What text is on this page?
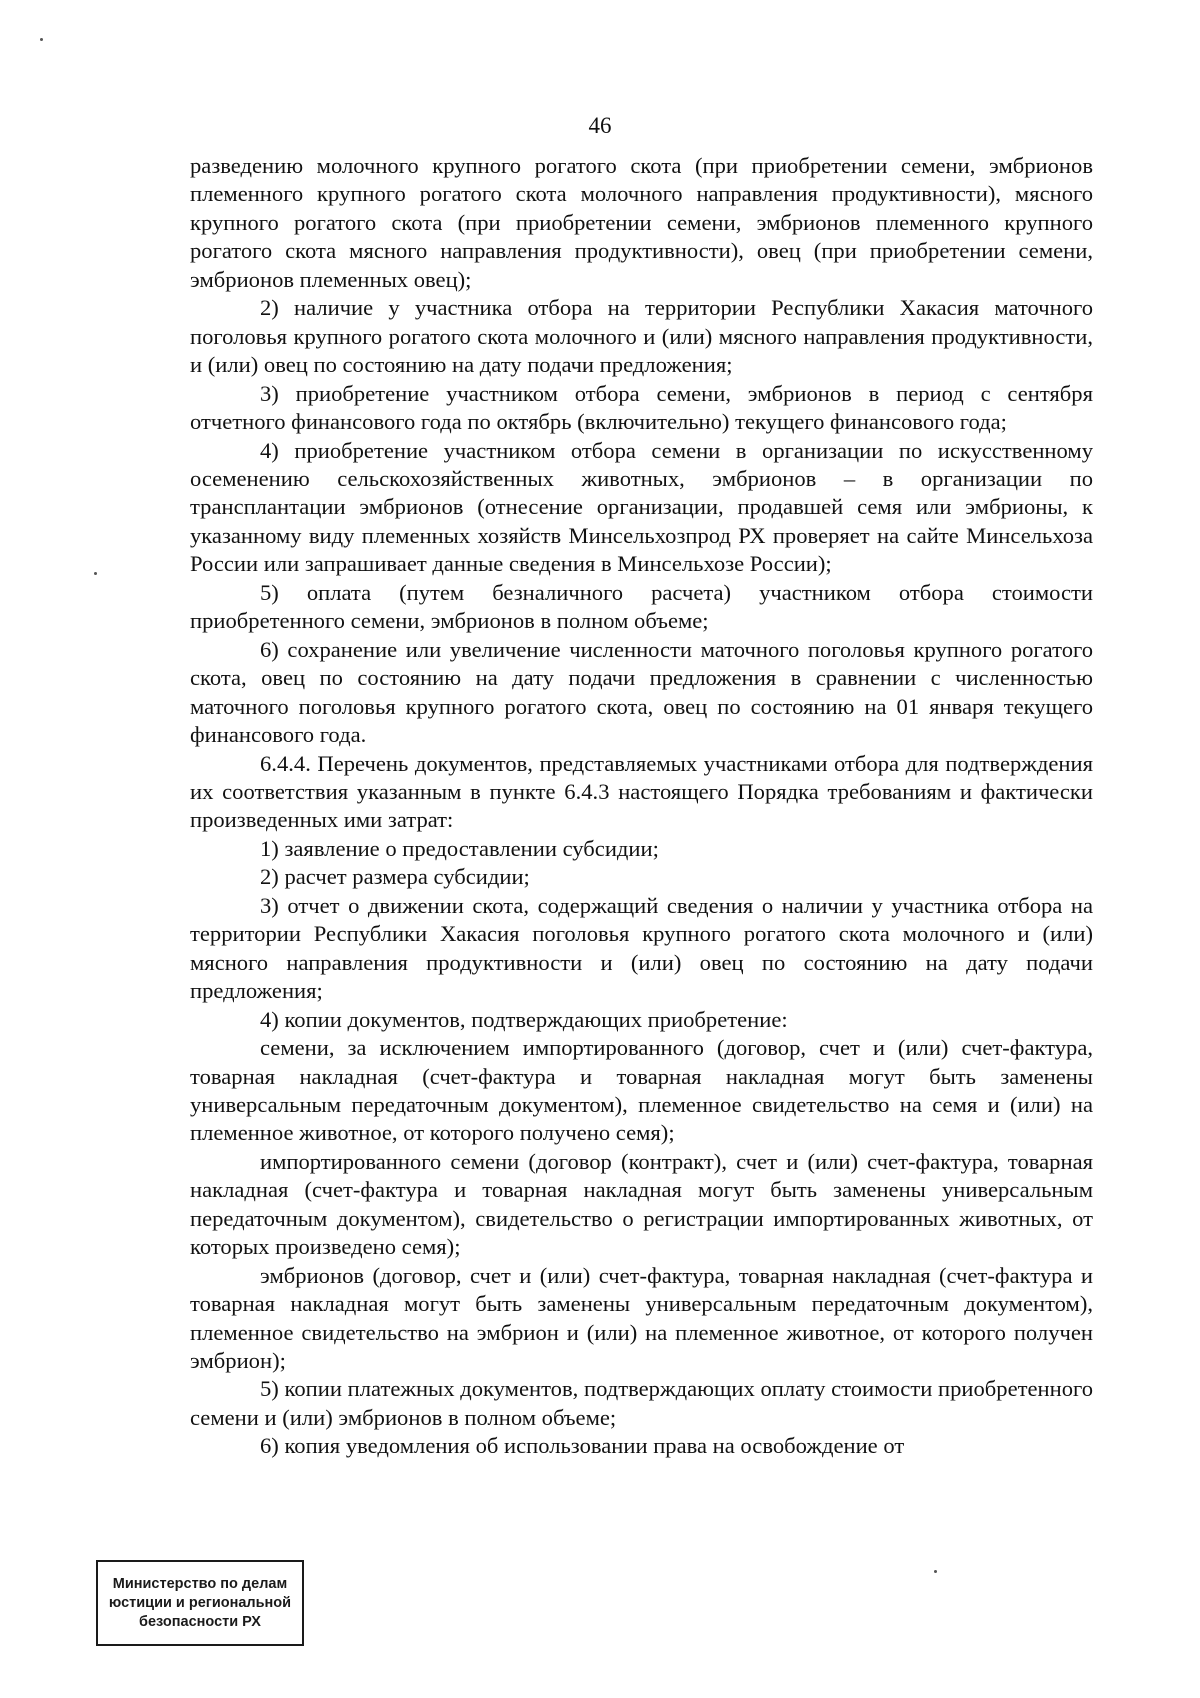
46

разведению молочного крупного рогатого скота (при приобретении семени, эмбрионов племенного крупного рогатого скота молочного направления продуктивности), мясного крупного рогатого скота (при приобретении семени, эмбрионов племенного крупного рогатого скота мясного направления продуктивности), овец (при приобретении семени, эмбрионов племенных овец);

2) наличие у участника отбора на территории Республики Хакасия маточного поголовья крупного рогатого скота молочного и (или) мясного направления продуктивности, и (или) овец по состоянию на дату подачи предложения;

3) приобретение участником отбора семени, эмбрионов в период с сентября отчетного финансового года по октябрь (включительно) текущего финансового года;

4) приобретение участником отбора семени в организации по искусственному осеменению сельскохозяйственных животных, эмбрионов – в организации по трансплантации эмбрионов (отнесение организации, продавшей семя или эмбрионы, к указанному виду племенных хозяйств Минсельхозпрод РХ проверяет на сайте Минсельхоза России или запрашивает данные сведения в Минсельхозе России);

5) оплата (путем безналичного расчета) участником отбора стоимости приобретенного семени, эмбрионов в полном объеме;

6) сохранение или увеличение численности маточного поголовья крупного рогатого скота, овец по состоянию на дату подачи предложения в сравнении с численностью маточного поголовья крупного рогатого скота, овец по состоянию на 01 января текущего финансового года.

6.4.4. Перечень документов, представляемых участниками отбора для подтверждения их соответствия указанным в пункте 6.4.3 настоящего Порядка требованиям и фактически произведенных ими затрат:

1) заявление о предоставлении субсидии;

2) расчет размера субсидии;

3) отчет о движении скота, содержащий сведения о наличии у участника отбора на территории Республики Хакасия поголовья крупного рогатого скота молочного и (или) мясного направления продуктивности и (или) овец по состоянию на дату подачи предложения;

4) копии документов, подтверждающих приобретение:

семени, за исключением импортированного (договор, счет и (или) счет-фактура, товарная накладная (счет-фактура и товарная накладная могут быть заменены универсальным передаточным документом), племенное свидетельство на семя и (или) на племенное животное, от которого получено семя);

импортированного семени (договор (контракт), счет и (или) счет-фактура, товарная накладная (счет-фактура и товарная накладная могут быть заменены универсальным передаточным документом), свидетельство о регистрации импортированных животных, от которых произведено семя);

эмбрионов (договор, счет и (или) счет-фактура, товарная накладная (счет-фактура и товарная накладная могут быть заменены универсальным передаточным документом), племенное свидетельство на эмбрион и (или) на племенное животное, от которого получен эмбрион);

5) копии платежных документов, подтверждающих оплату стоимости приобретенного семени и (или) эмбрионов в полном объеме;

6) копия уведомления об использовании права на освобождение от

Министерство по делам
юстиции и региональной
безопасности РХ
